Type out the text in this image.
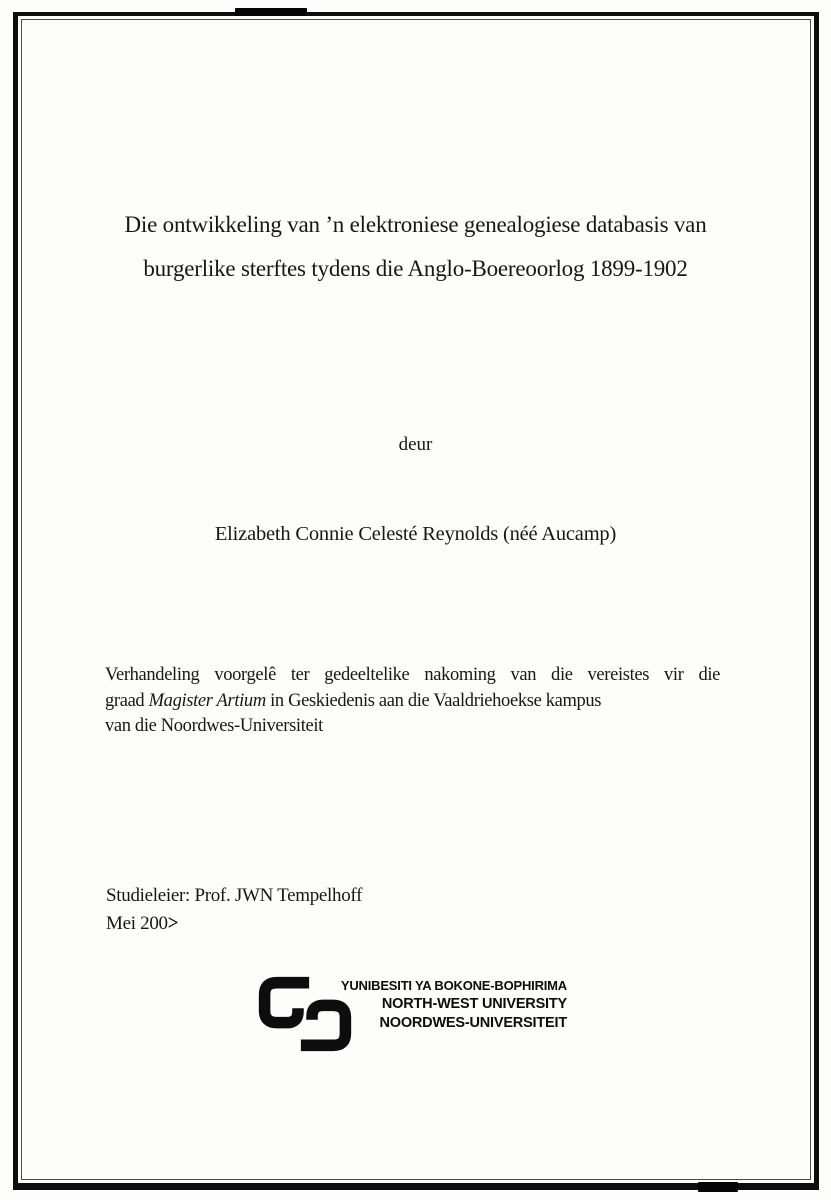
Die ontwikkeling van ’n elektroniese genealogiese databasis van
burgerlike sterftes tydens die Anglo-Boereoorlog 1899-1902

deur

Elizabeth Connie Celesté Reynolds (néé Aucamp)

Verhandeling voorgelê ter gedeeltelike nakoming van die vereistes vir die
graad Magister Artium in Geskiedenis aan die Vaaldriehoekse kampus
van die Noordwes-Universiteit
Studieleier: Prof. JWN Tempelhoff
Mei 200>
YUNIBESITI YA BOKONE-BOPHIRIMA
NORTH-WEST UNIVERSITY
NOORDWES-UNIVERSITEIT
